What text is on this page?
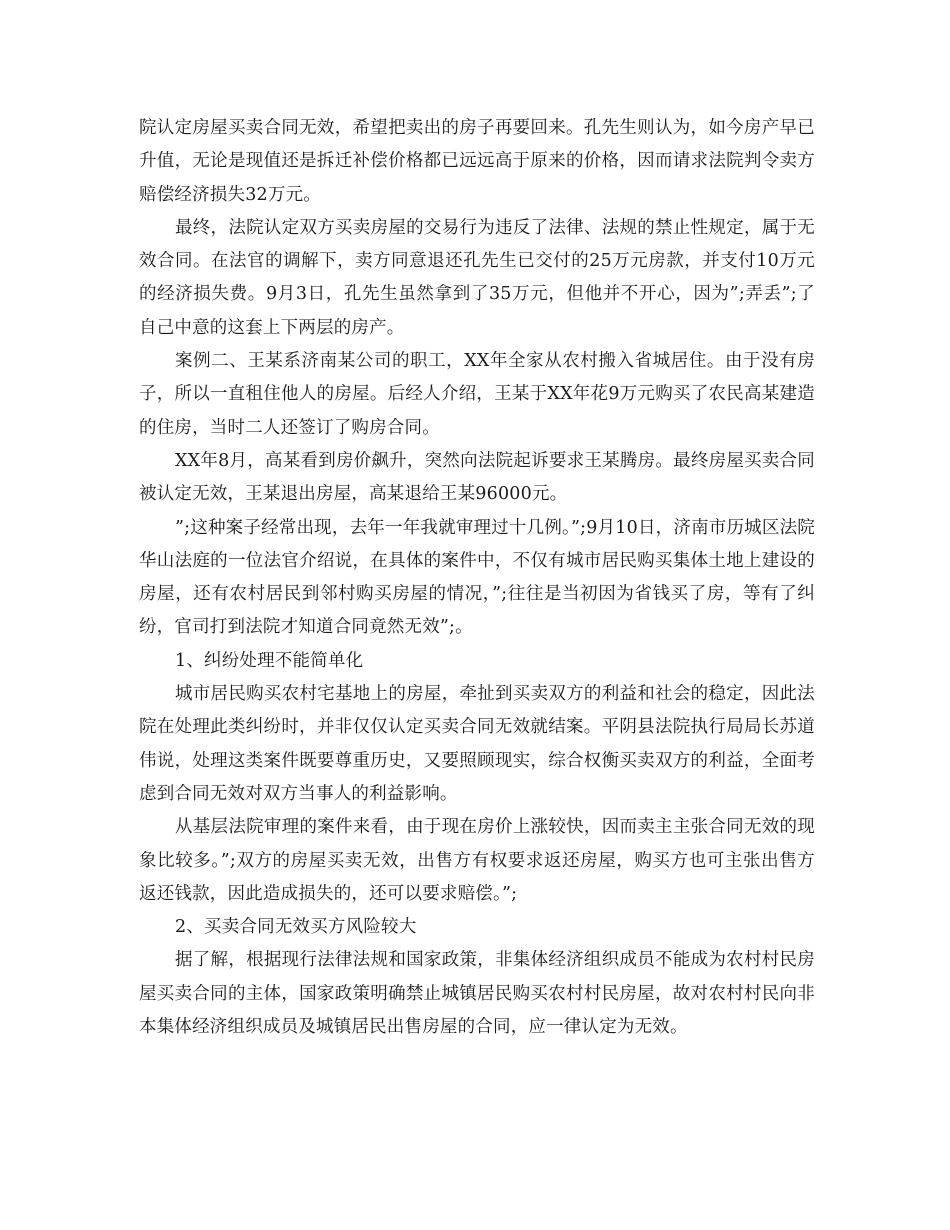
院认定房屋买卖合同无效，希望把卖出的房子再要回来。孔先生则认为，如今房产早已升值，无论是现值还是拆迁补偿价格都已远远高于原来的价格，因而请求法院判令卖方赔偿经济损失32万元。

最终，法院认定双方买卖房屋的交易行为违反了法律、法规的禁止性规定，属于无效合同。在法官的调解下，卖方同意退还孔先生已交付的25万元房款，并支付10万元的经济损失费。9月3日，孔先生虽然拿到了35万元，但他并不开心，因为”;弄丢”;了自己中意的这套上下两层的房产。

案例二、王某系济南某公司的职工，XX年全家从农村搬入省城居住。由于没有房子，所以一直租住他人的房屋。后经人介绍，王某于XX年花9万元购买了农民高某建造的住房，当时二人还签订了购房合同。

XX年8月，高某看到房价飙升，突然向法院起诉要求王某腾房。最终房屋买卖合同被认定无效，王某退出房屋，高某退给王某96000元。

”;这种案子经常出现，去年一年我就审理过十几例。”;9月10日，济南市历城区法院华山法庭的一位法官介绍说，在具体的案件中，不仅有城市居民购买集体土地上建设的房屋，还有农村居民到邻村购买房屋的情况，”;往往是当初因为省钱买了房，等有了纠纷，官司打到法院才知道合同竟然无效”;。

1、纠纷处理不能简单化

城市居民购买农村宅基地上的房屋，牵扯到买卖双方的利益和社会的稳定，因此法院在处理此类纠纷时，并非仅仅认定买卖合同无效就结案。平阴县法院执行局局长苏道伟说，处理这类案件既要尊重历史，又要照顾现实，综合权衡买卖双方的利益，全面考虑到合同无效对双方当事人的利益影响。

从基层法院审理的案件来看，由于现在房价上涨较快，因而卖主主张合同无效的现象比较多。”;双方的房屋买卖无效，出售方有权要求返还房屋，购买方也可主张出售方返还钱款，因此造成损失的，还可以要求赔偿。”;

2、买卖合同无效买方风险较大

据了解，根据现行法律法规和国家政策，非集体经济组织成员不能成为农村村民房屋买卖合同的主体，国家政策明确禁止城镇居民购买农村村民房屋，故对农村村民向非本集体经济组织成员及城镇居民出售房屋的合同，应一律认定为无效。
